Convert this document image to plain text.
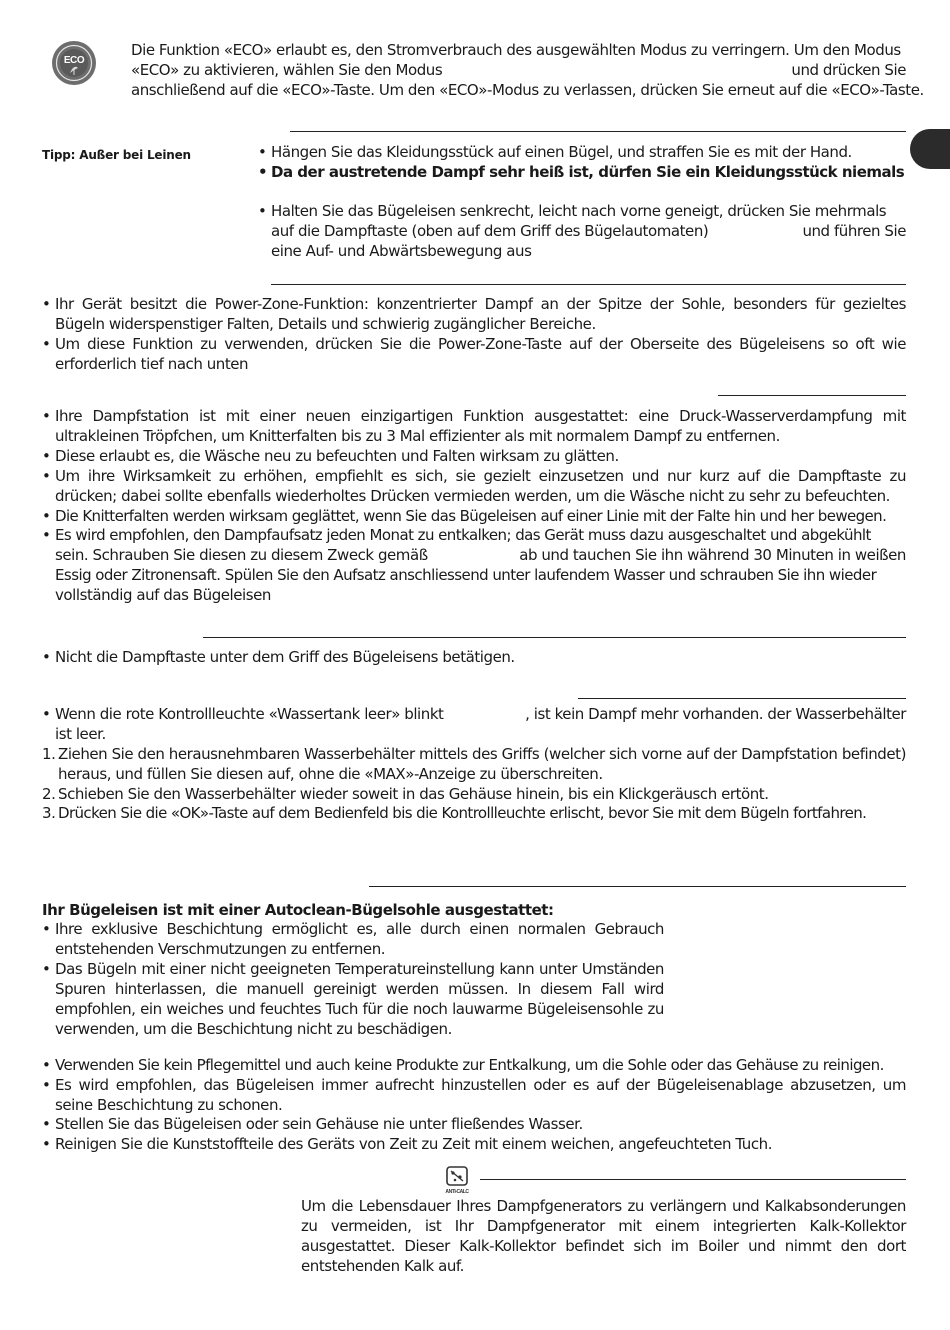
ECO
Die Funktion «ECO» erlaubt es, den Stromverbrauch des ausgewählten Modus zu verringern. Um den Modus
«ECO» zu aktivieren, wählen Sie den Modus	und drücken Sie
anschließend auf die «ECO»-Taste. Um den «ECO»-Modus zu verlassen, drücken Sie erneut auf die «ECO»-Taste.
Tipp: Außer bei Leinen	• Hängen Sie das Kleidungsstück auf einen Bügel, und straffen Sie es mit der Hand.
• Da der austretende Dampf sehr heiß ist, dürfen Sie ein Kleidungsstück niemals
• Halten Sie das Bügeleisen senkrecht, leicht nach vorne geneigt, drücken Sie mehrmals
auf die Dampftaste (oben auf dem Griff des Bügelautomaten)	und führen Sie
eine Auf- und Abwärtsbewegung aus
• Ihr Gerät besitzt die Power-Zone-Funktion: konzentrierter Dampf an der Spitze der Sohle, besonders für gezieltes Bügeln widerspenstiger Falten, Details und schwierig zugänglicher Bereiche.
• Um diese Funktion zu verwenden, drücken Sie die Power-Zone-Taste auf der Oberseite des Bügeleisens so oft wie erforderlich tief nach unten
• Ihre Dampfstation ist mit einer neuen einzigartigen Funktion ausgestattet: eine Druck-Wasserverdampfung mit ultrakleinen Tröpfchen, um Knitterfalten bis zu 3 Mal effizienter als mit normalem Dampf zu entfernen.
• Diese erlaubt es, die Wäsche neu zu befeuchten und Falten wirksam zu glätten.
• Um ihre Wirksamkeit zu erhöhen, empfiehlt es sich, sie gezielt einzusetzen und nur kurz auf die Dampftaste zu drücken; dabei sollte ebenfalls wiederholtes Drücken vermieden werden, um die Wäsche nicht zu sehr zu befeuchten.
• Die Knitterfalten werden wirksam geglättet, wenn Sie das Bügeleisen auf einer Linie mit der Falte hin und her bewegen.
• Es wird empfohlen, den Dampfaufsatz jeden Monat zu entkalken; das Gerät muss dazu ausgeschaltet und abgekühlt
sein. Schrauben Sie diesen zu diesem Zweck gemäß	ab und tauchen Sie ihn während 30 Minuten in weißen
Essig oder Zitronensaft. Spülen Sie den Aufsatz anschliessend unter laufendem Wasser und schrauben Sie ihn wieder
vollständig auf das Bügeleisen
• Nicht die Dampftaste unter dem Griff des Bügeleisens betätigen.
• Wenn die rote Kontrollleuchte «Wassertank leer» blinkt	, ist kein Dampf mehr vorhanden. der Wasserbehälter
ist leer.
1. Ziehen Sie den herausnehmbaren Wasserbehälter mittels des Griffs (welcher sich vorne auf der Dampfstation befindet) heraus, und füllen Sie diesen auf, ohne die «MAX»-Anzeige zu überschreiten.
2. Schieben Sie den Wasserbehälter wieder soweit in das Gehäuse hinein, bis ein Klickgeräusch ertönt.
3. Drücken Sie die «OK»-Taste auf dem Bedienfeld bis die Kontrollleuchte erlischt, bevor Sie mit dem Bügeln fortfahren.
Ihr Bügeleisen ist mit einer Autoclean-Bügelsohle ausgestattet:
• Ihre exklusive Beschichtung ermöglicht es, alle durch einen normalen Gebrauch entstehenden Verschmutzungen zu entfernen.
• Das Bügeln mit einer nicht geeigneten Temperatureinstellung kann unter Umständen Spuren hinterlassen, die manuell gereinigt werden müssen. In diesem Fall wird empfohlen, ein weiches und feuchtes Tuch für die noch lauwarme Bügeleisensohle zu verwenden, um die Beschichtung nicht zu beschädigen.
• Verwenden Sie kein Pflegemittel und auch keine Produkte zur Entkalkung, um die Sohle oder das Gehäuse zu reinigen.
• Es wird empfohlen, das Bügeleisen immer aufrecht hinzustellen oder es auf der Bügeleisenablage abzusetzen, um seine Beschichtung zu schonen.
• Stellen Sie das Bügeleisen oder sein Gehäuse nie unter fließendes Wasser.
• Reinigen Sie die Kunststoffteile des Geräts von Zeit zu Zeit mit einem weichen, angefeuchteten Tuch.
ANTI-CALC
Um die Lebensdauer Ihres Dampfgenerators zu verlängern und Kalkabsonderungen zu vermeiden, ist Ihr Dampfgenerator mit einem integrierten Kalk-Kollektor ausgestattet. Dieser Kalk-Kollektor befindet sich im Boiler und nimmt den dort entstehenden Kalk auf.
